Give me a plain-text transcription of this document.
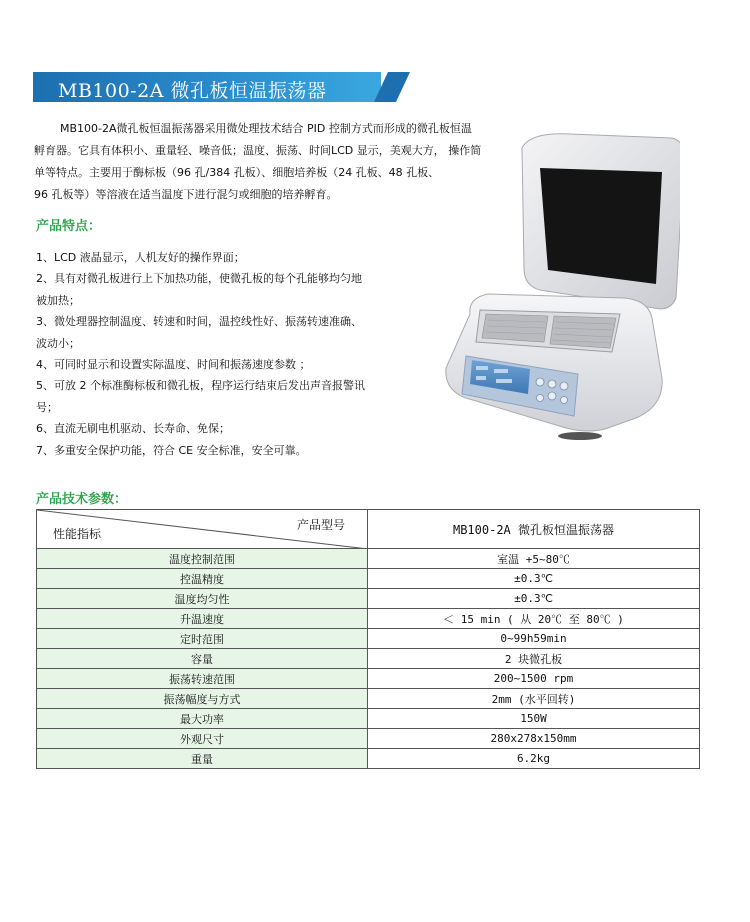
MB100-2A 微孔板恒温振荡器
MB100-2A微孔板恒温振荡器采用微处理技术结合 PID 控制方式而形成的微孔板恒温
孵育器。它具有体积小、重量轻、噪音低；温度、振荡、时间LCD 显示，美观大方， 操作简
单等特点。主要用于酶标板（96 孔/384 孔板）、细胞培养板（24 孔板、48 孔板、
96 孔板等）等溶液在适当温度下进行混匀或细胞的培养孵育。
产品特点：
1、LCD 液晶显示，人机友好的操作界面；
2、具有对微孔板进行上下加热功能，使微孔板的每个孔能够均匀地
被加热；
3、微处理器控制温度、转速和时间，温控线性好、振荡转速准确、
波动小；
4、可同时显示和设置实际温度、时间和振荡速度参数 ；
5、可放 2 个标准酶标板和微孔板，程序运行结束后发出声音报警讯
号；
6、直流无刷电机驱动、长寿命、免保；
7、多重安全保护功能，符合 CE 安全标准，安全可靠。
产品技术参数：
产品型号
性能指标	MB100-2A 微孔板恒温振荡器
温度控制范围	室温 +5~80℃
控温精度	±0.3℃
温度均匀性	±0.3℃
升温速度	＜ 15 min ( 从 20℃ 至 80℃ )
定时范围	0~99h59min
容量	2 块微孔板
振荡转速范围	200~1500 rpm
振荡幅度与方式	2mm (水平回转)
最大功率	150W
外观尺寸	280x278x150mm
重量	6.2kg
